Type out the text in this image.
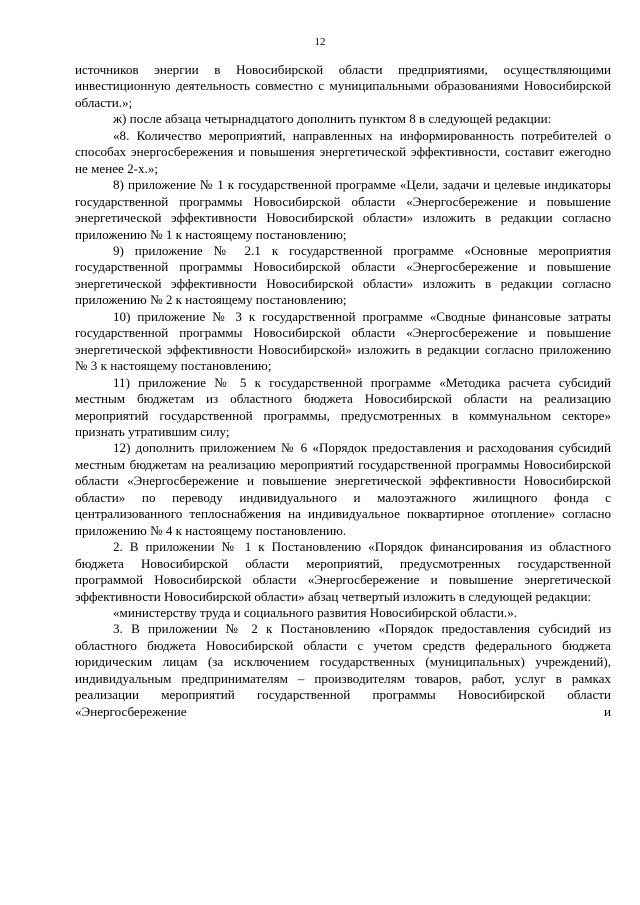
12

источников энергии в Новосибирской области предприятиями, осуществляющими инвестиционную деятельность совместно с муниципальными образованиями Новосибирской области.»;

ж) после абзаца четырнадцатого дополнить пунктом 8 в следующей редакции:

«8. Количество мероприятий, направленных на информированность потребителей о способах энергосбережения и повышения энергетической эффективности, составит ежегодно не менее 2-х.»;

8) приложение № 1 к государственной программе «Цели, задачи и целевые индикаторы государственной программы Новосибирской области «Энергосбережение и повышение энергетической эффективности Новосибирской области» изложить в редакции согласно приложению № 1 к настоящему постановлению;

9) приложение № 2.1 к государственной программе «Основные мероприятия государственной программы Новосибирской области «Энергосбережение и повышение энергетической эффективности Новосибирской области» изложить в редакции согласно приложению № 2 к настоящему постановлению;

10) приложение № 3 к государственной программе «Сводные финансовые затраты государственной программы Новосибирской области «Энергосбережение и повышение энергетической эффективности Новосибирской» изложить в редакции согласно приложению № 3 к настоящему постановлению;

11) приложение № 5 к государственной программе «Методика расчета субсидий местным бюджетам из областного бюджета Новосибирской области на реализацию мероприятий государственной программы, предусмотренных в коммунальном секторе» признать утратившим силу;

12) дополнить приложением № 6 «Порядок предоставления и расходования субсидий местным бюджетам на реализацию мероприятий государственной программы Новосибирской области «Энергосбережение и повышение энергетической эффективности Новосибирской области» по переводу индивидуального и малоэтажного жилищного фонда с централизованного теплоснабжения на индивидуальное поквартирное отопление» согласно приложению № 4 к настоящему постановлению.

2. В приложении № 1 к Постановлению «Порядок финансирования из областного бюджета Новосибирской области мероприятий, предусмотренных государственной программой Новосибирской области «Энергосбережение и повышение энергетической эффективности Новосибирской области» абзац четвертый изложить в следующей редакции:

«министерству труда и социального развития Новосибирской области.».

3. В приложении № 2 к Постановлению «Порядок предоставления субсидий из областного бюджета Новосибирской области с учетом средств федерального бюджета юридическим лицам (за исключением государственных (муниципальных) учреждений), индивидуальным предпринимателям – производителям товаров, работ, услуг в рамках реализации мероприятий государственной программы Новосибирской области «Энергосбережение и
